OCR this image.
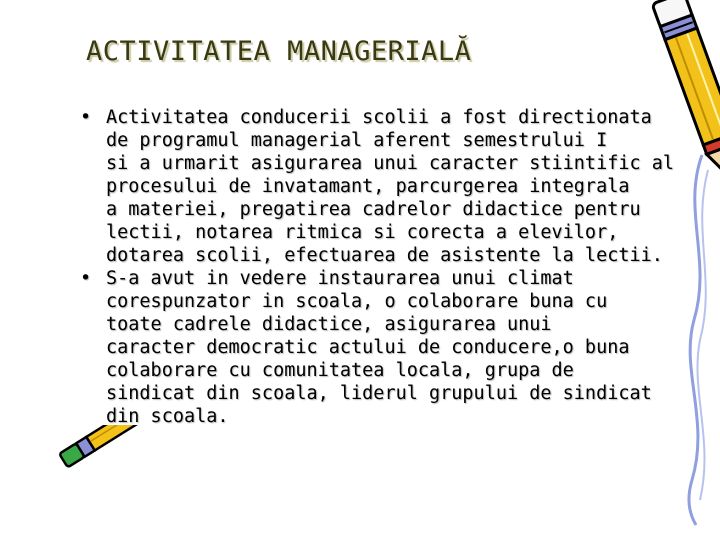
ACTIVITATEA MANAGERIALĂ
• Activitatea conducerii scolii a fost directionata
de programul managerial aferent semestrului I
si a urmarit asigurarea unui caracter stiintific al
procesului de invatamant, parcurgerea integrala
a materiei, pregatirea cadrelor didactice pentru
lectii, notarea ritmica si corecta a elevilor,
dotarea scolii, efectuarea de asistente la lectii.
• S-a avut in vedere instaurarea unui climat
corespunzator in scoala, o colaborare buna cu
toate cadrele didactice, asigurarea unui
caracter democratic actului de conducere,o buna
colaborare cu comunitatea locala, grupa de
sindicat din scoala, liderul grupului de sindicat
din scoala.
